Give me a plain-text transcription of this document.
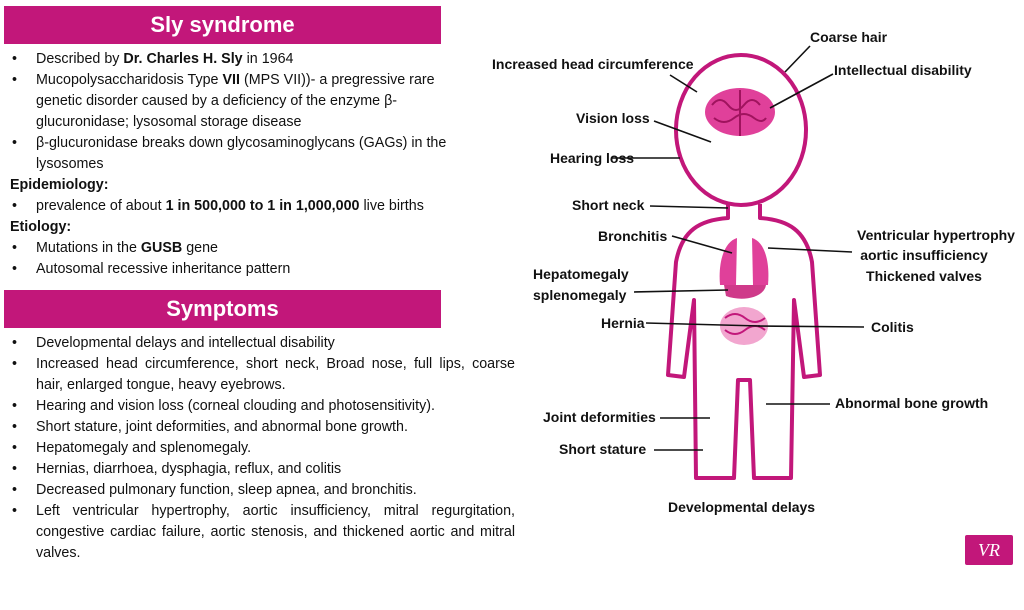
Sly syndrome

• Described by Dr. Charles H. Sly in 1964

• Mucopolysaccharidosis Type VII (MPS VII))- a pregressive rare
genetic disorder caused by a deficiency of the enzyme β-
glucuronidase; lysosomal storage disease

• β-glucuronidase breaks down glycosaminoglycans (GAGs) in the
lysosomes

Epidemiology:

• prevalence of about 1 in 500,000 to 1 in 1,000,000 live births

Etiology:

• Mutations in the GUSB gene

• Autosomal recessive inheritance pattern

Symptoms

• Developmental delays and intellectual disability

• Increased head circumference, short neck, Broad nose, full lips, coarse hair, enlarged tongue, heavy eyebrows.

• Hearing and vision loss (corneal clouding and photosensitivity).

• Short stature, joint deformities, and abnormal bone growth.

• Hepatomegaly and splenomegaly.

• Hernias, diarrhoea, dysphagia, reflux, and colitis

• Decreased pulmonary function, sleep apnea, and bronchitis.

• Left ventricular hypertrophy, aortic insufficiency, mitral regurgitation, congestive cardiac failure, aortic stenosis, and thickened aortic and mitral valves.

Coarse hair
Increased head circumference	Intellectual disability
Vision loss
Hearing loss
Short neck
Bronchitis	Ventricular hypertrophy
aortic insufficiency
Thickened valves
Hepatomegaly
splenomegaly
Hernia	Colitis
Joint deformities
Abnormal bone growth
Short stature
Developmental delays
VR
